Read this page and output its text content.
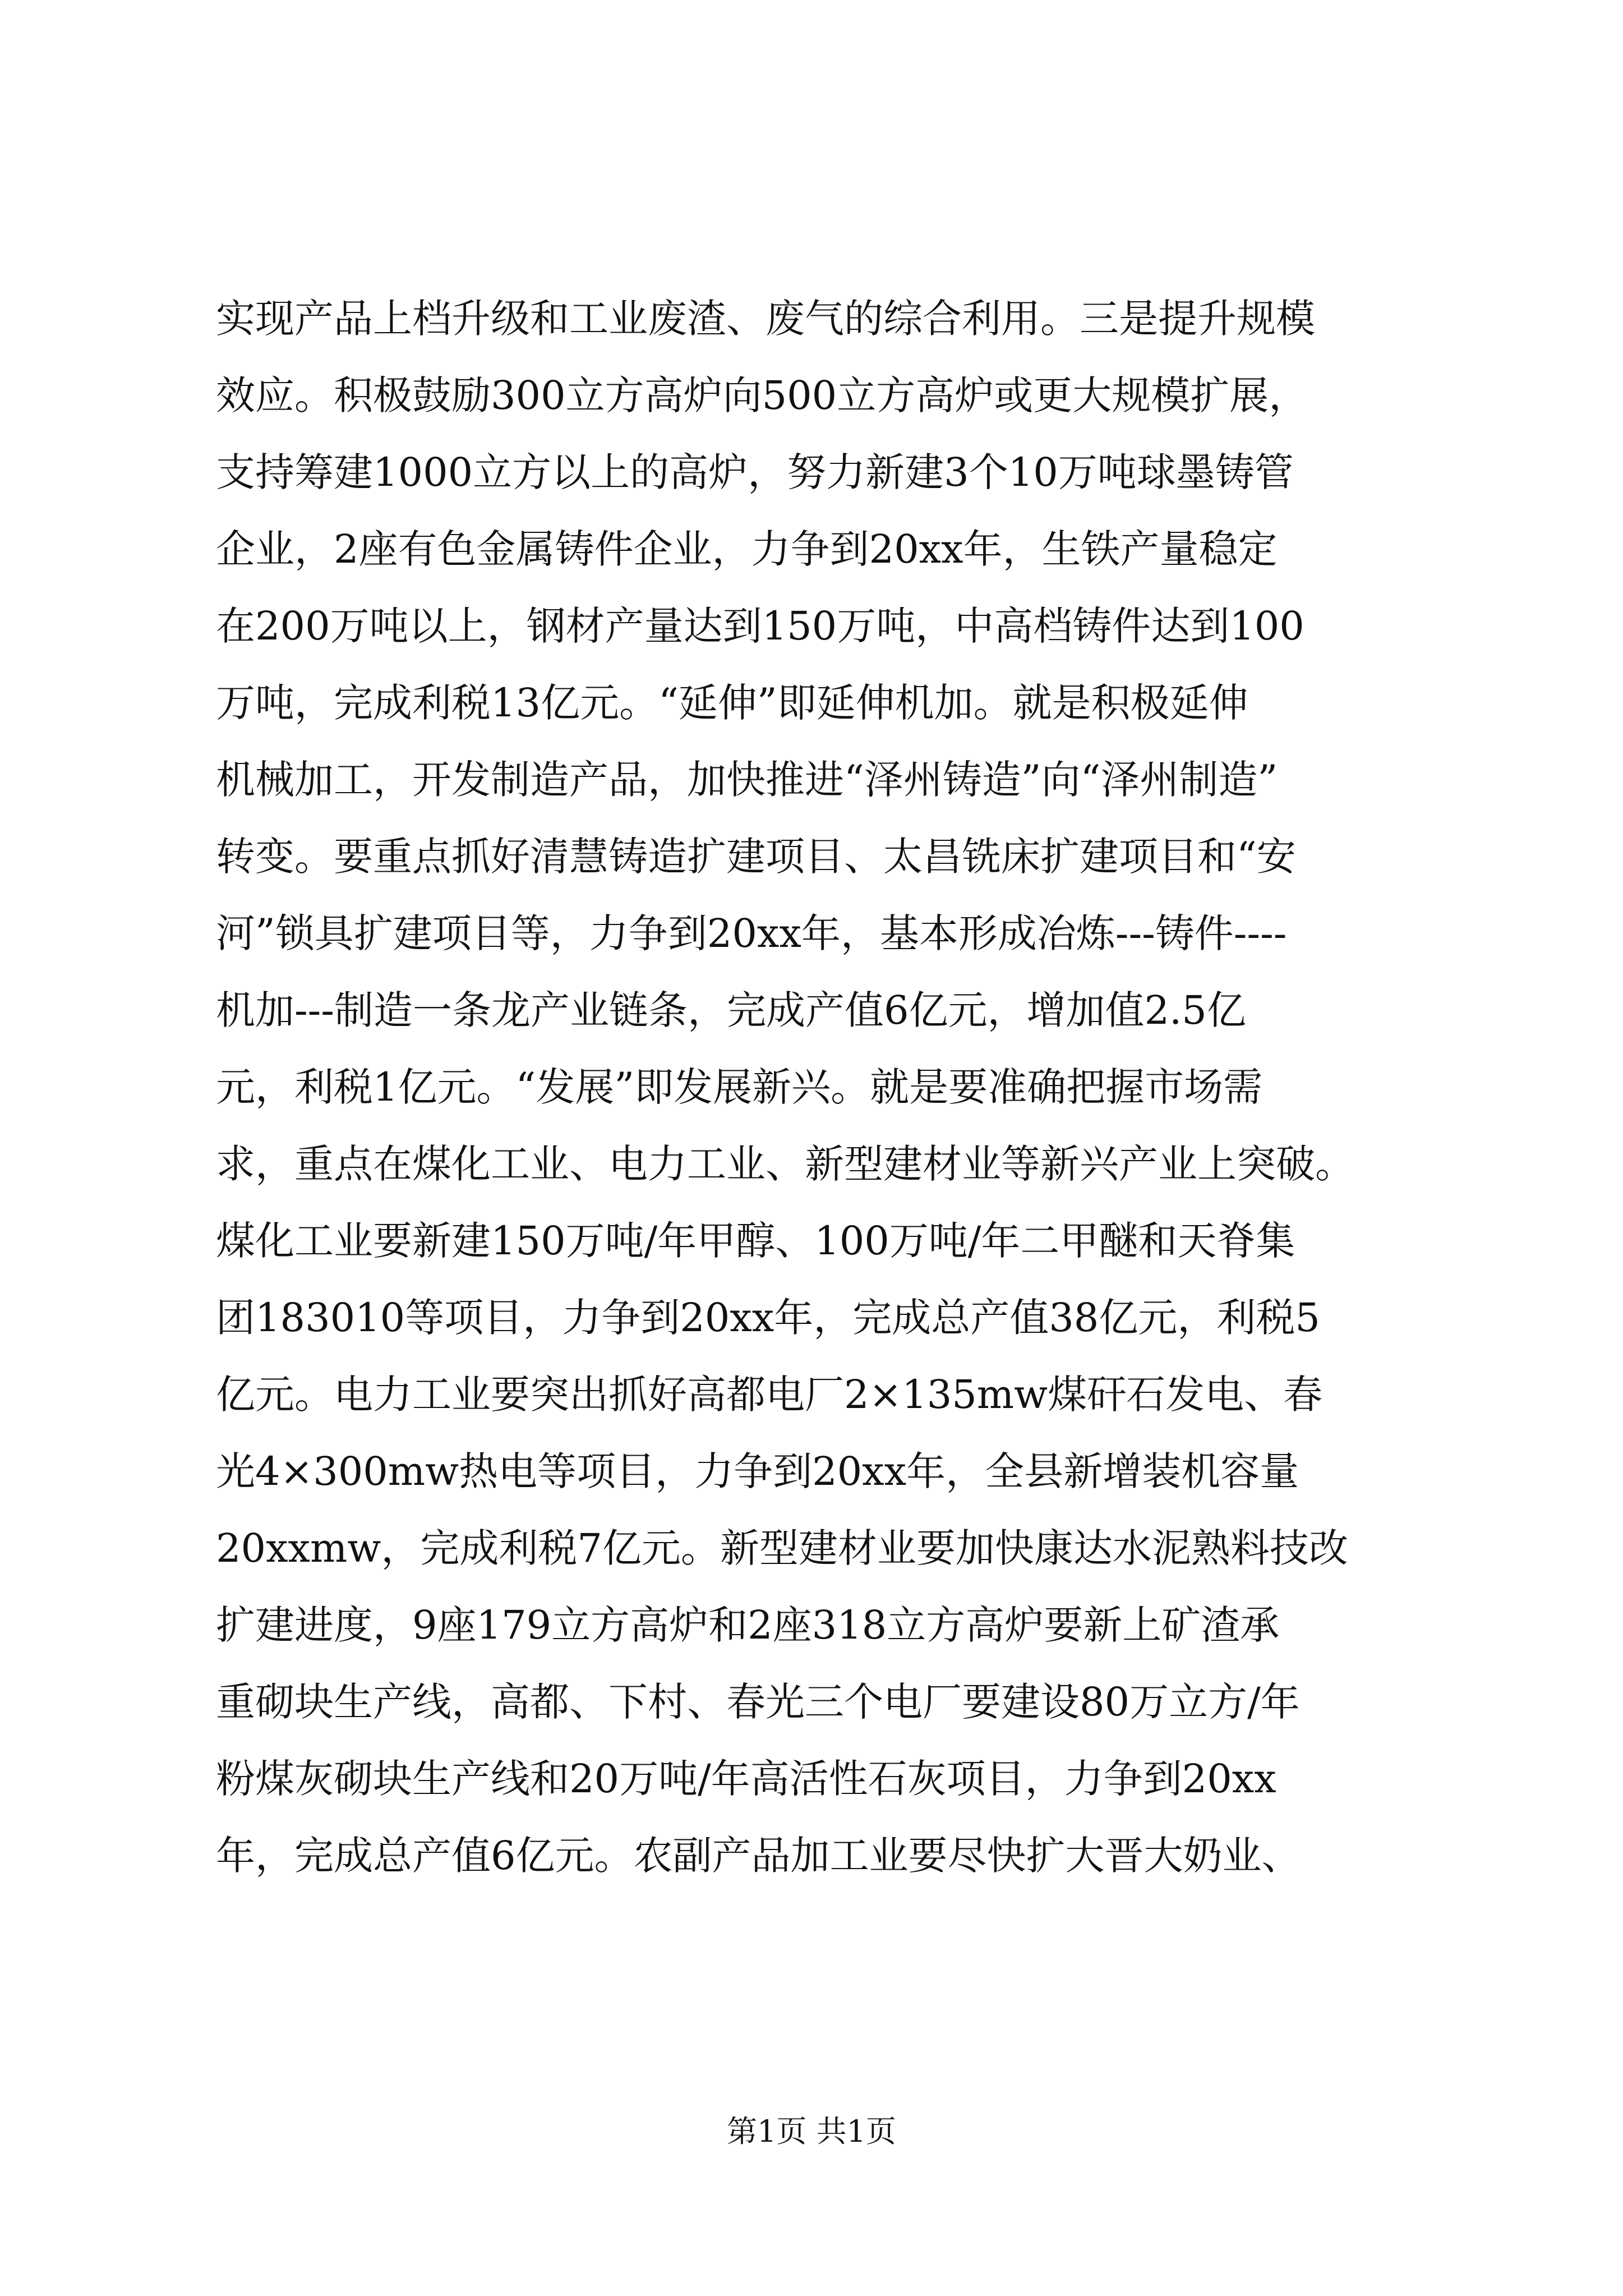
实现产品上档升级和工业废渣、废气的综合利用。三是提升规模
效应。积极鼓励300立方高炉向500立方高炉或更大规模扩展，
支持筹建1000立方以上的高炉，努力新建3个10万吨球墨铸管
企业，2座有色金属铸件企业，力争到20xx年，生铁产量稳定
在200万吨以上，钢材产量达到150万吨，中高档铸件达到100
万吨，完成利税13亿元。“延伸”即延伸机加。就是积极延伸
机械加工，开发制造产品，加快推进“泽州铸造”向“泽州制造”
转变。要重点抓好清慧铸造扩建项目、太昌铣床扩建项目和“安
河”锁具扩建项目等，力争到20xx年，基本形成冶炼---铸件----
机加---制造一条龙产业链条，完成产值6亿元，增加值2.5亿
元，利税1亿元。“发展”即发展新兴。就是要准确把握市场需
求，重点在煤化工业、电力工业、新型建材业等新兴产业上突破。
煤化工业要新建150万吨/年甲醇、100万吨/年二甲醚和天脊集
团183010等项目，力争到20xx年，完成总产值38亿元，利税5
亿元。电力工业要突出抓好高都电厂2×135mw煤矸石发电、春
光4×300mw热电等项目，力争到20xx年，全县新增装机容量
20xxmw，完成利税7亿元。新型建材业要加快康达水泥熟料技改
扩建进度，9座179立方高炉和2座318立方高炉要新上矿渣承
重砌块生产线，高都、下村、春光三个电厂要建设80万立方/年
粉煤灰砌块生产线和20万吨/年高活性石灰项目，力争到20xx
年，完成总产值6亿元。农副产品加工业要尽快扩大晋大奶业、
第1页 共1页
